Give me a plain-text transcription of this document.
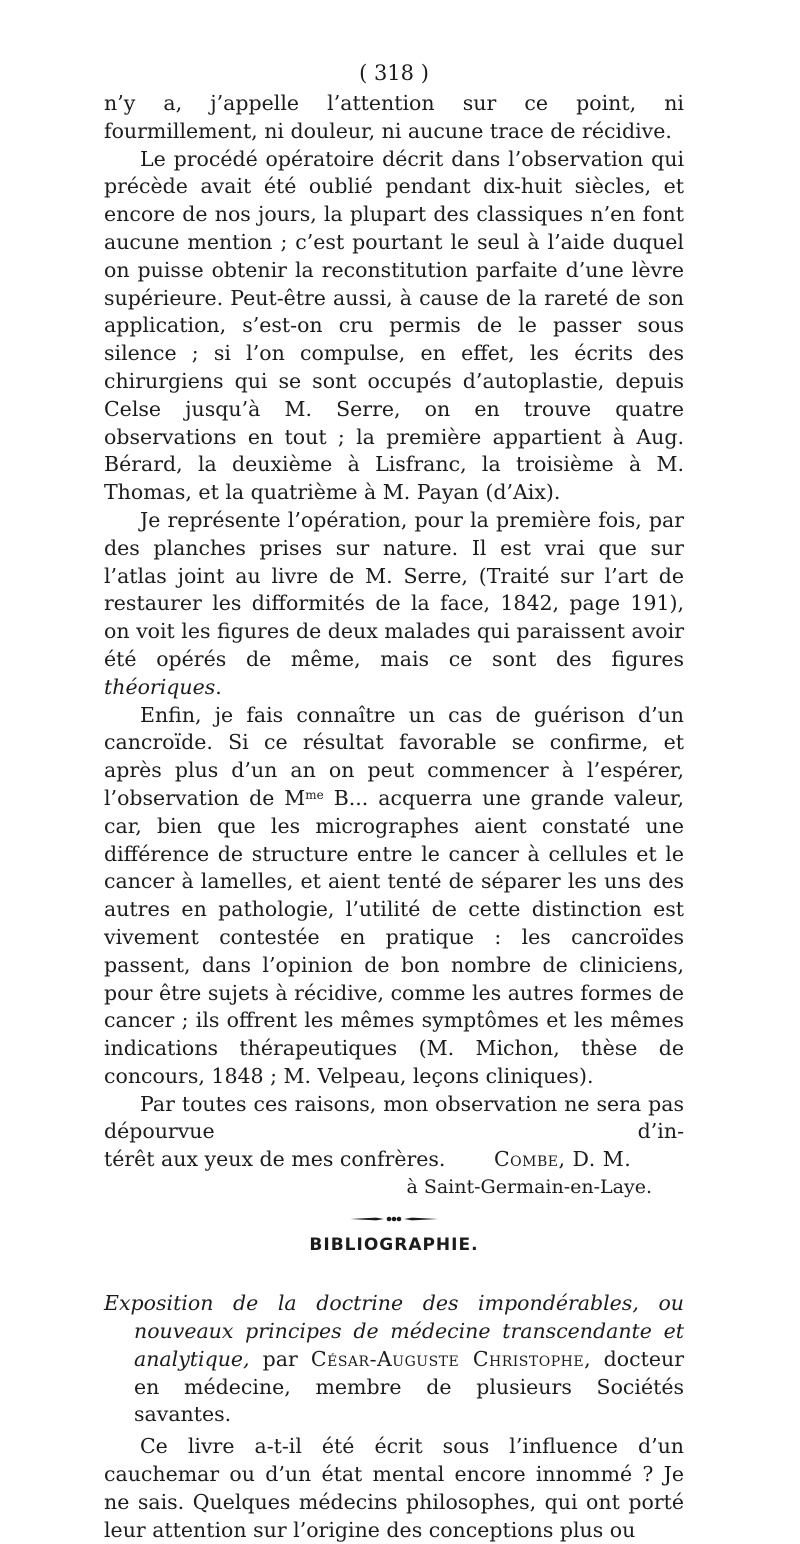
( 318 )

n’y a, j’appelle l’attention sur ce point, ni fourmillement, ni douleur, ni aucune trace de récidive.

Le procédé opératoire décrit dans l’observation qui précède avait été oublié pendant dix-huit siècles, et encore de nos jours, la plupart des classiques n’en font aucune mention ; c’est pourtant le seul à l’aide duquel on puisse obtenir la reconstitution parfaite d’une lèvre supérieure. Peut-être aussi, à cause de la rareté de son application, s’est-on cru permis de le passer sous silence ; si l’on compulse, en effet, les écrits des chirurgiens qui se sont occupés d’autoplastie, depuis Celse jusqu’à M. Serre, on en trouve quatre observations en tout ; la première appartient à Aug. Bérard, la deuxième à Lisfranc, la troisième à M. Thomas, et la quatrième à M. Payan (d’Aix).

Je représente l’opération, pour la première fois, par des planches prises sur nature. Il est vrai que sur l’atlas joint au livre de M. Serre, (Traité sur l’art de restaurer les difformités de la face, 1842, page 191), on voit les figures de deux malades qui paraissent avoir été opérés de même, mais ce sont des figures théoriques.

Enfin, je fais connaître un cas de guérison d’un cancroïde. Si ce résultat favorable se confirme, et après plus d’un an on peut commencer à l’espérer, l’observation de $M^{me}$ B... acquerra une grande valeur, car, bien que les micrographes aient constaté une différence de structure entre le cancer à cellules et le cancer à lamelles, et aient tenté de séparer les uns des autres en pathologie, l’utilité de cette distinction est vivement contestée en pratique : les cancroïdes passent, dans l’opinion de bon nombre de cliniciens, pour être sujets à récidive, comme les autres formes de cancer ; ils offrent les mêmes symptômes et les mêmes indications thérapeutiques (M. Michon, thèse de concours, 1848 ; M. Velpeau, leçons cliniques).

Par toutes ces raisons, mon observation ne sera pas dépourvue d’in-

térêt aux yeux de mes confrères. Combe, D. M.
à Saint-Germain-en-Laye.
BIBLIOGRAPHIE.
Exposition de la doctrine des impondérables, ou nouveaux principes de médecine transcendante et analytique, par César-Auguste Christophe, docteur en médecine, membre de plusieurs Sociétés savantes.

Ce livre a-t-il été écrit sous l’influence d’un cauchemar ou d’un état mental encore innommé ? Je ne sais. Quelques médecins philosophes, qui ont porté leur attention sur l’origine des conceptions plus ou
